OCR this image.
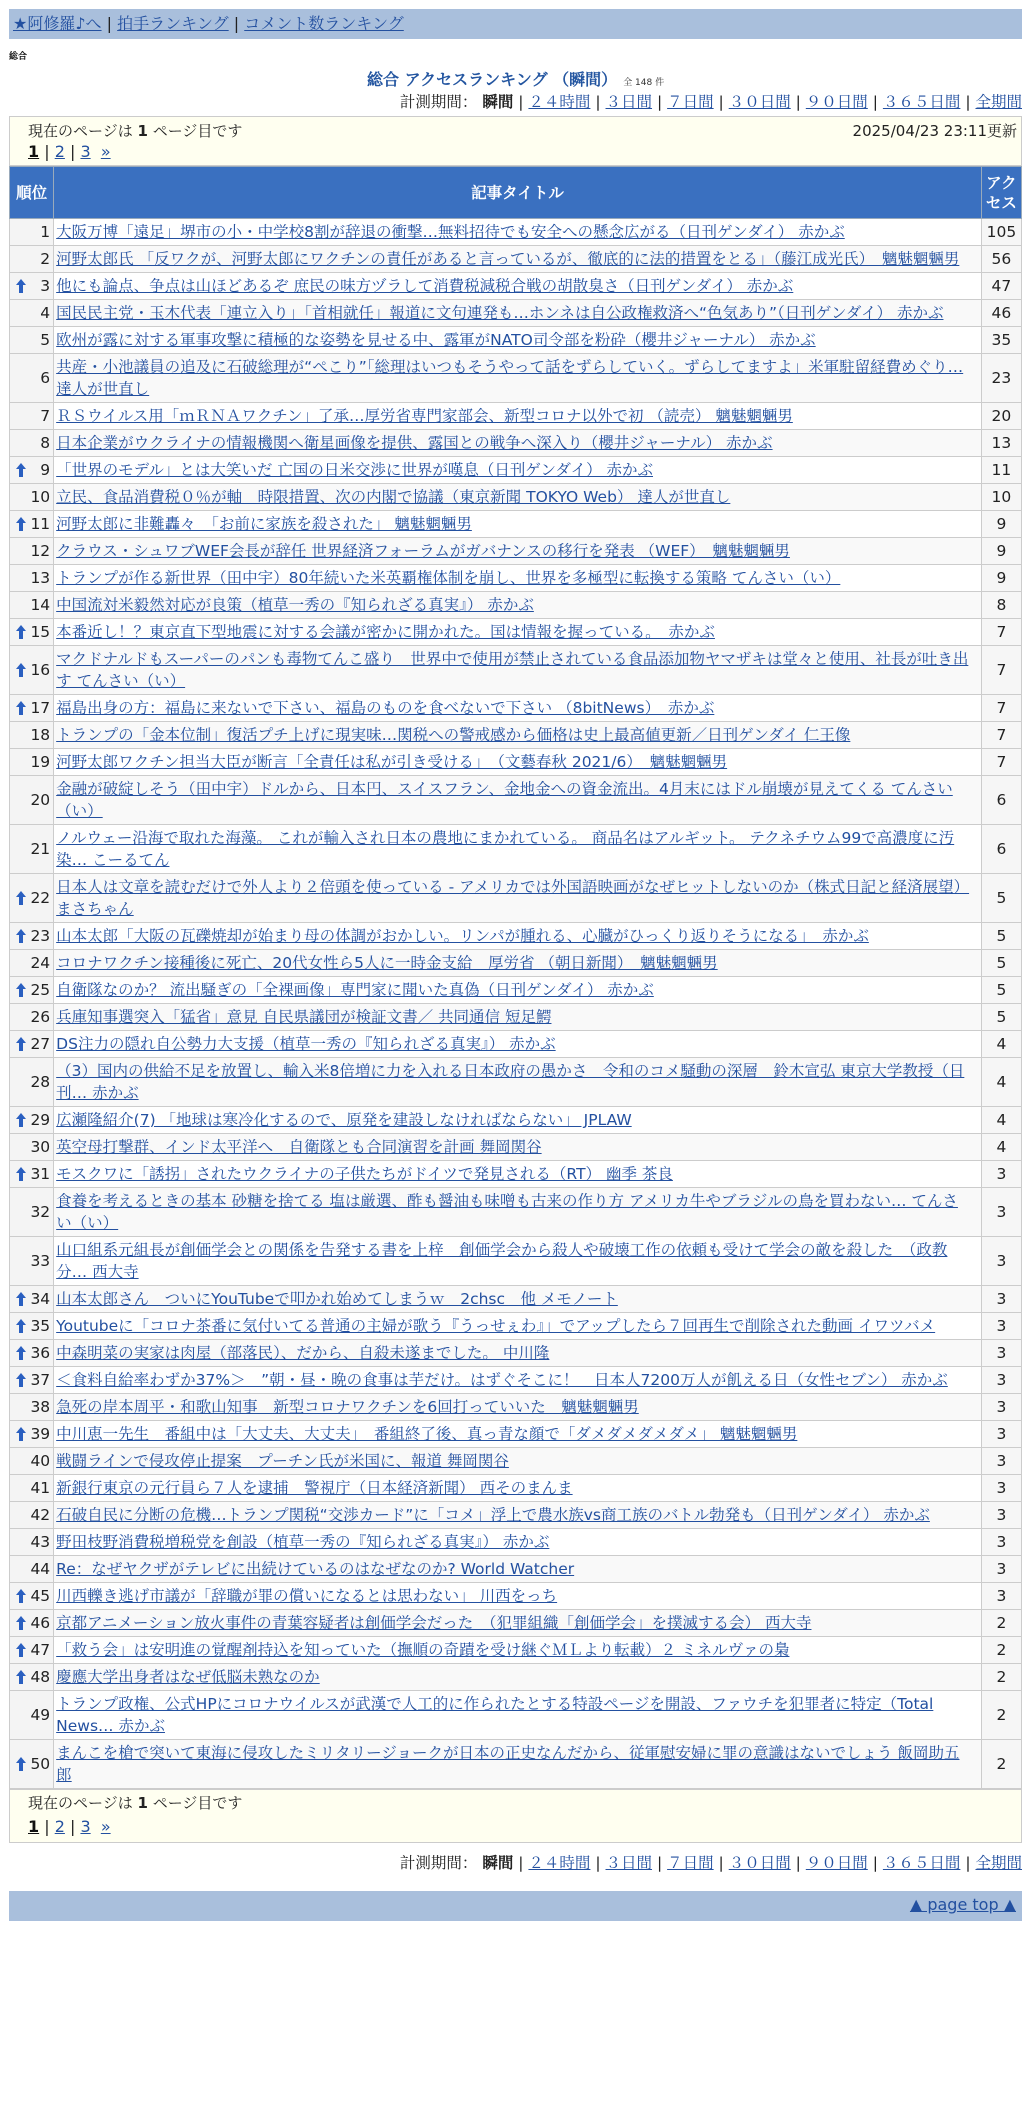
★阿修羅♪へ | 拍手ランキング | コメント数ランキング
総合
総合 アクセスランキング （瞬間） 全 148 件
計測期間： 瞬間 | ２４時間 | ３日間 | ７日間 | ３０日間 | ９０日間 | ３６５日間 | 全期間
現在のページは 1 ページ目です	2025/04/23 23:11更新
1 | 2 | 3 »
順位	記事タイトル	アクセス
1	大阪万博「遠足」堺市の小・中学校8割が辞退の衝撃…無料招待でも安全への懸念広がる（日刊ゲンダイ） 赤かぶ	105
2	河野太郎氏 「反ワクが、河野太郎にワクチンの責任があると言っているが、徹底的に法的措置をとる」（藤江成光氏）　魑魅魍魎男	56

3	他にも論点、争点は山ほどあるぞ 庶民の味方ヅラして消費税減税合戦の胡散臭さ（日刊ゲンダイ） 赤かぶ	47
4	国民民主党・玉木代表「連立入り」「首相就任」報道に文句連発も…ホンネは自公政権救済へ“色気あり”（日刊ゲンダイ） 赤かぶ	46
5	欧州が露に対する軍事攻撃に積極的な姿勢を見せる中、露軍がNATO司令部を粉砕（櫻井ジャーナル） 赤かぶ	35
6	共産・小池議員の追及に石破総理が“ぺこり”「総理はいつもそうやって話をずらしていく。ずらしてますよ」米軍駐留経費めぐり… 達人が世直し	23
7	ＲＳウイルス用「ｍＲＮＡワクチン」了承…厚労省専門家部会、新型コロナ以外で初 （読売） 魑魅魍魎男	20
8	日本企業がウクライナの情報機関へ衛星画像を提供、露国との戦争へ深入り（櫻井ジャーナル） 赤かぶ	13

9	「世界のモデル」とは大笑いだ 亡国の日米交渉に世界が嘆息（日刊ゲンダイ） 赤かぶ	11
10	立民、食品消費税０％が軸　時限措置、次の内閣で協議（東京新聞 TOKYO Web） 達人が世直し	10

11	河野太郎に非難轟々　「お前に家族を殺された」 魑魅魍魎男	9
12	クラウス・シュワブWEF会長が辞任 世界経済フォーラムがガバナンスの移行を発表 （WEF）　魑魅魍魎男	9
13	トランプが作る新世界（田中宇）80年続いた米英覇権体制を崩し、世界を多極型に転換する策略 てんさい（い）	9
14	中国流対米毅然対応が良策（植草一秀の『知られざる真実』） 赤かぶ	8

15	本番近し！？東京直下型地震に対する会議が密かに開かれた。国は情報を握っている。　赤かぶ	7

16	マクドナルドもスーパーのパンも毒物てんこ盛り　世界中で使用が禁止されている食品添加物ヤマザキは堂々と使用、社長が吐き出す てんさい（い）	7

17	福島出身の方：福島に来ないで下さい、福島のものを食べないで下さい （8bitNews）　赤かぶ	7
18	トランプの「金本位制」復活プチ上げに現実味…関税への警戒感から価格は史上最高値更新／日刊ゲンダイ 仁王像	7
19	河野太郎ワクチン担当大臣が断言「全責任は私が引き受ける」　（文藝春秋 2021/6）　魑魅魍魎男	7
20	金融が破綻しそう（田中宇）ドルから、日本円、スイスフラン、金地金への資金流出。4月末にはドル崩壊が見えてくる てんさい（い）	6
21	ノルウェー沿海で取れた海藻。 これが輸入され日本の農地にまかれている。 商品名はアルギット。 テクネチウム99で高濃度に汚染… こーるてん	6

22	日本人は文章を読むだけで外人より２倍頭を使っている - アメリカでは外国語映画がなぜヒットしないのか（株式日記と経済展望） まさちゃん	5

23	山本太郎「大阪の瓦礫焼却が始まり母の体調がおかしい。リンパが腫れる、心臓がひっくり返りそうになる」　赤かぶ	5
24	コロナワクチン接種後に死亡、20代女性ら5人に一時金支給　厚労省 （朝日新聞）　魑魅魍魎男	5

25	自衛隊なのか？ 流出騒ぎの「全裸画像」専門家に聞いた真偽（日刊ゲンダイ） 赤かぶ	5
26	兵庫知事選突入「猛省」意見 自民県議団が検証文書／ 共同通信 短足鰐	5

27	DS注力の隠れ自公勢力大支援（植草一秀の『知られざる真実』） 赤かぶ	4
28	（3）国内の供給不足を放置し、輸入米8倍増に力を入れる日本政府の愚かさ　令和のコメ騒動の深層　鈴木宣弘 東京大学教授（日刊… 赤かぶ	4

29	広瀬隆紹介(7) 「地球は寒冷化するので、原発を建設しなければならない」 JPLAW	4
30	英空母打撃群、インド太平洋へ　自衛隊とも合同演習を計画 舞岡関谷	4

31	モスクワに「誘拐」されたウクライナの子供たちがドイツで発見される（RT） 幽季 茶良	3
32	食養を考えるときの基本 砂糖を捨てる 塩は厳選、酢も醤油も味噌も古来の作り方 アメリカ牛やブラジルの鳥を買わない… てんさい（い）	3
33	山口組系元組長が創価学会との関係を告発する書を上梓　創価学会から殺人や破壊工作の依頼も受けて学会の敵を殺した　（政教分… 西大寺	3

34	山本太郎さん　ついにYouTubeで叩かれ始めてしまうｗ　2chsc　他 メモノート	3

35	Youtubeに「コロナ茶番に気付いてる普通の主婦が歌う『うっせぇわ』」でアップしたら７回再生で削除された動画 イワツバメ	3

36	中森明菜の実家は肉屋（部落民）、だから、自殺未遂までした。 中川隆	3

37	＜食料自給率わずか37%＞　”朝・昼・晩の食事は芋だけ。はずぐそこに！　日本人7200万人が飢える日（女性セブン） 赤かぶ	3
38	急死の岸本周平・和歌山知事　新型コロナワクチンを6回打っていいた　魑魅魍魎男	3

39	中川恵一先生　番組中は「大丈夫、大丈夫」　番組終了後、真っ青な顔で「ダメダメダメダメ」 魑魅魍魎男	3
40	戦闘ラインで侵攻停止提案　プーチン氏が米国に、報道 舞岡関谷	3
41	新銀行東京の元行員ら７人を逮捕　警視庁（日本経済新聞） 西そのまんま	3
42	石破自民に分断の危機…トランプ関税“交渉カード”に「コメ」浮上で農水族vs商工族のバトル勃発も（日刊ゲンダイ） 赤かぶ	3
43	野田枝野消費税増税党を創設（植草一秀の『知られざる真実』） 赤かぶ	3
44	Re：なぜヤクザがテレビに出続けているのはなぜなのか? World Watcher	3

45	川西轢き逃げ市議が「辞職が罪の償いになるとは思わない」 川西をっち	3

46	京都アニメーション放火事件の青葉容疑者は創価学会だった　（犯罪組織「創価学会」を撲滅する会） 西大寺	2

47	「救う会」は安明進の覚醒剤持込を知っていた（撫順の奇蹟を受け継ぐＭＬより転載）２ ミネルヴァの梟	2

48	慶應大学出身者はなぜ低脳未熟なのか	2
49	トランプ政権、公式HPにコロナウイルスが武漢で人工的に作られたとする特設ページを開設、ファウチを犯罪者に特定（Total News… 赤かぶ	2

50	まんこを槍で突いて東海に侵攻したミリタリージョークが日本の正史なんだから、従軍慰安婦に罪の意識はないでしょう 飯岡助五郎	2
現在のページは 1 ページ目です
1 | 2 | 3 »
計測期間： 瞬間 | ２４時間 | ３日間 | ７日間 | ３０日間 | ９０日間 | ３６５日間 | 全期間
▲ page top ▲
